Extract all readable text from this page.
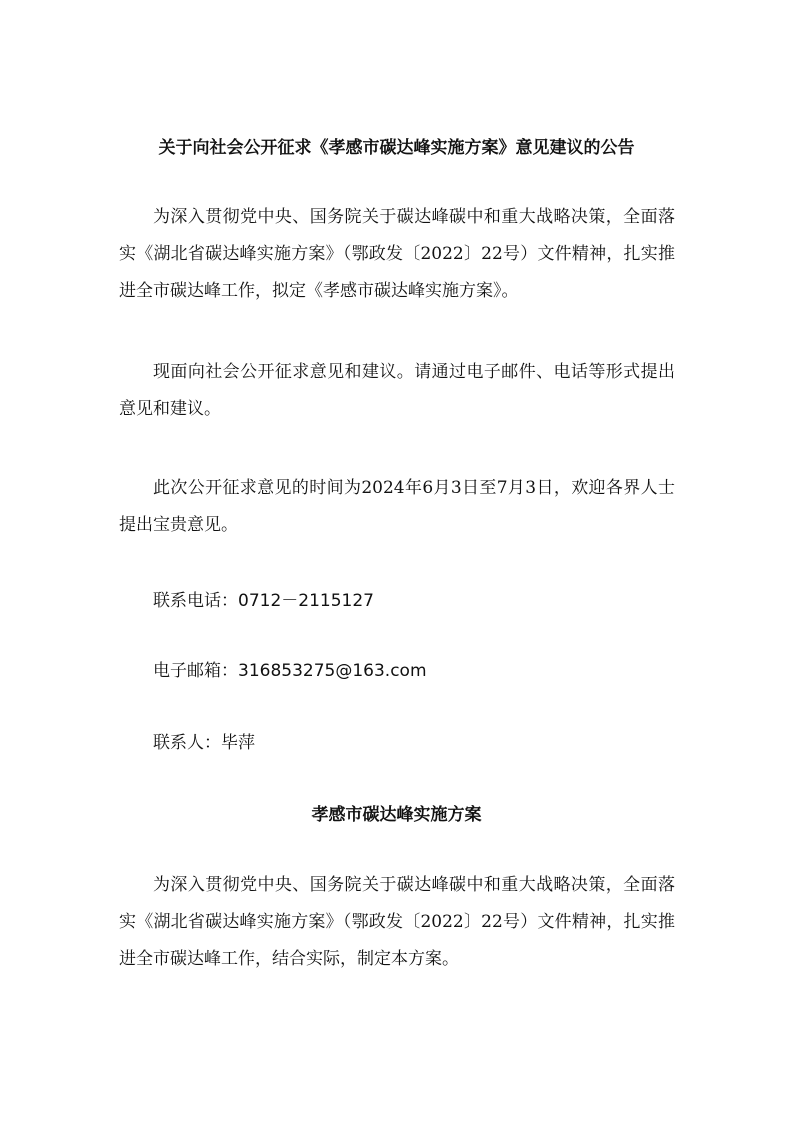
关于向社会公开征求《孝感市碳达峰实施方案》意见建议的公告

为深入贯彻党中央、国务院关于碳达峰碳中和重大战略决策，全面落实《湖北省碳达峰实施方案》（鄂政发〔2022〕22号）文件精神，扎实推进全市碳达峰工作，拟定《孝感市碳达峰实施方案》。

现面向社会公开征求意见和建议。请通过电子邮件、电话等形式提出意见和建议。

此次公开征求意见的时间为2024年6月3日至7月3日，欢迎各界人士提出宝贵意见。

联系电话：0712－2115127
电子邮箱：316853275@163.com
联系人：毕萍
孝感市碳达峰实施方案

为深入贯彻党中央、国务院关于碳达峰碳中和重大战略决策，全面落实《湖北省碳达峰实施方案》（鄂政发〔2022〕22号）文件精神，扎实推进全市碳达峰工作，结合实际，制定本方案。
